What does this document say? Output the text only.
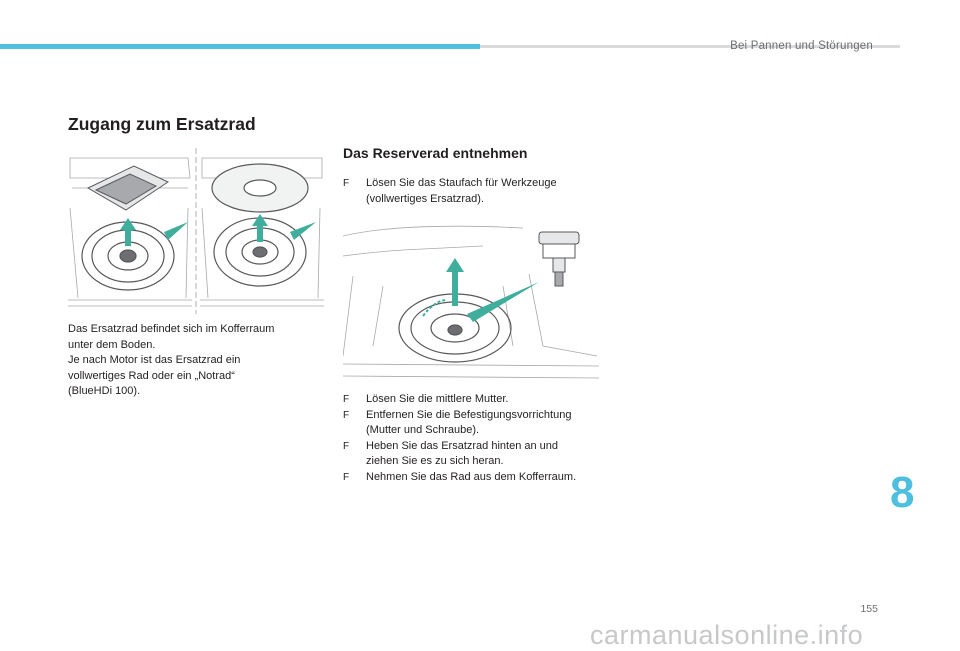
Bei Pannen und Störungen
Zugang zum Ersatzrad
Das Ersatzrad befindet sich im Kofferraum
unter dem Boden.
Je nach Motor ist das Ersatzrad ein
vollwertiges Rad oder ein „Notrad“
(BlueHDi 100).
Das Reserverad entnehmen
F Lösen Sie das Staufach für Werkzeuge
(vollwertiges Ersatzrad).
F Lösen Sie die mittlere Mutter.
F Entfernen Sie die Befestigungsvorrichtung
(Mutter und Schraube).
F Heben Sie das Ersatzrad hinten an und
ziehen Sie es zu sich heran.
F Nehmen Sie das Rad aus dem Kofferraum.	8
155
carmanualsonline.info
